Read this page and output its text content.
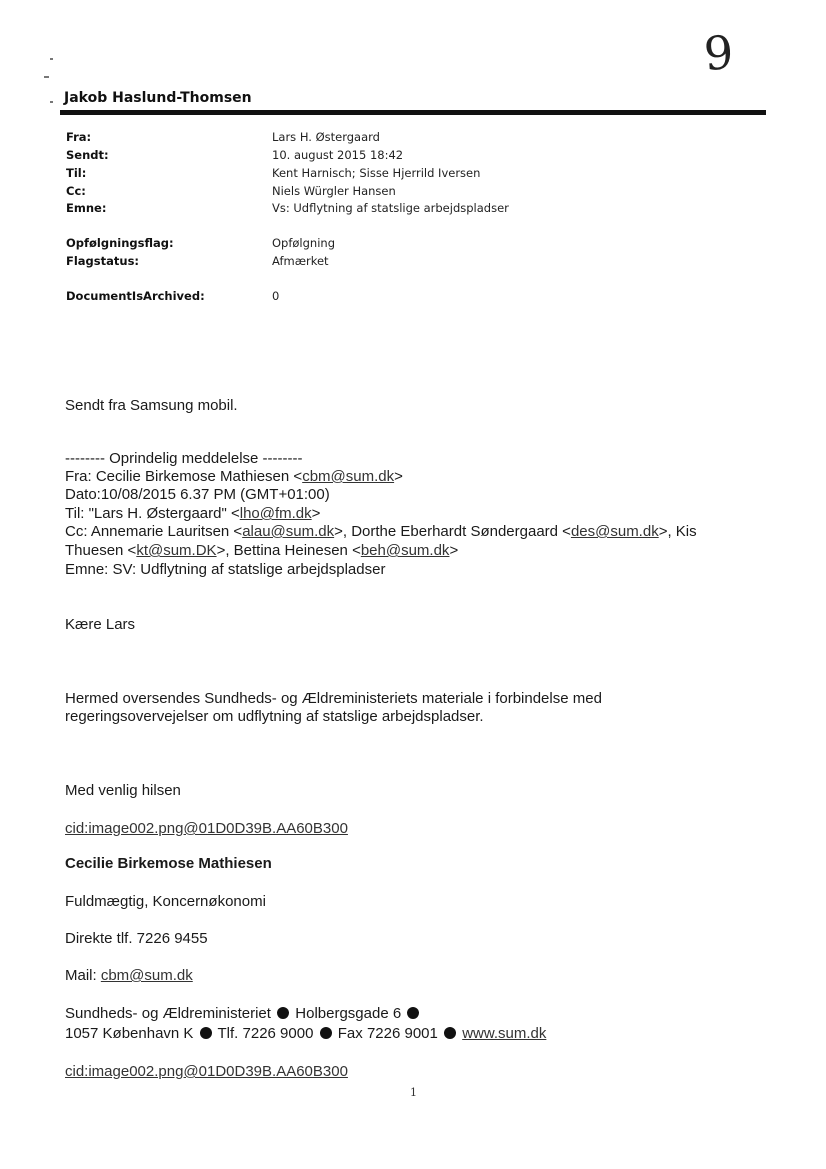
9
Jakob Haslund-Thomsen
Fra:	Lars H. Østergaard
Sendt:	10. august 2015 18:42
Til:	Kent Harnisch; Sisse Hjerrild Iversen
Cc:	Niels Würgler Hansen
Emne:	Vs: Udflytning af statslige arbejdspladser
Opfølgningsflag:	Opfølgning
Flagstatus:	Afmærket
DocumentIsArchived:	0
Sendt fra Samsung mobil.
-------- Oprindelig meddelelse --------
Fra: Cecilie Birkemose Mathiesen <cbm@sum.dk>
Dato:10/08/2015 6.37 PM (GMT+01:00)
Til: "Lars H. Østergaard" <lho@fm.dk>
Cc: Annemarie Lauritsen <alau@sum.dk>, Dorthe Eberhardt Søndergaard <des@sum.dk>, Kis
Thuesen <kt@sum.DK>, Bettina Heinesen <beh@sum.dk>
Emne: SV: Udflytning af statslige arbejdspladser
Kære Lars
Hermed oversendes Sundheds- og Ældreministeriets materiale i forbindelse med
regeringsovervejelser om udflytning af statslige arbejdspladser.
Med venlig hilsen
cid:image002.png@01D0D39B.AA60B300
Cecilie Birkemose Mathiesen
Fuldmægtig, Koncernøkonomi
Direkte tlf. 7226 9455
Mail: cbm@sum.dk
Sundheds- og Ældreministeriet Holbergsgade 6
1057 København K Tlf. 7226 9000 Fax 7226 9001 www.sum.dk
cid:image002.png@01D0D39B.AA60B300
1
